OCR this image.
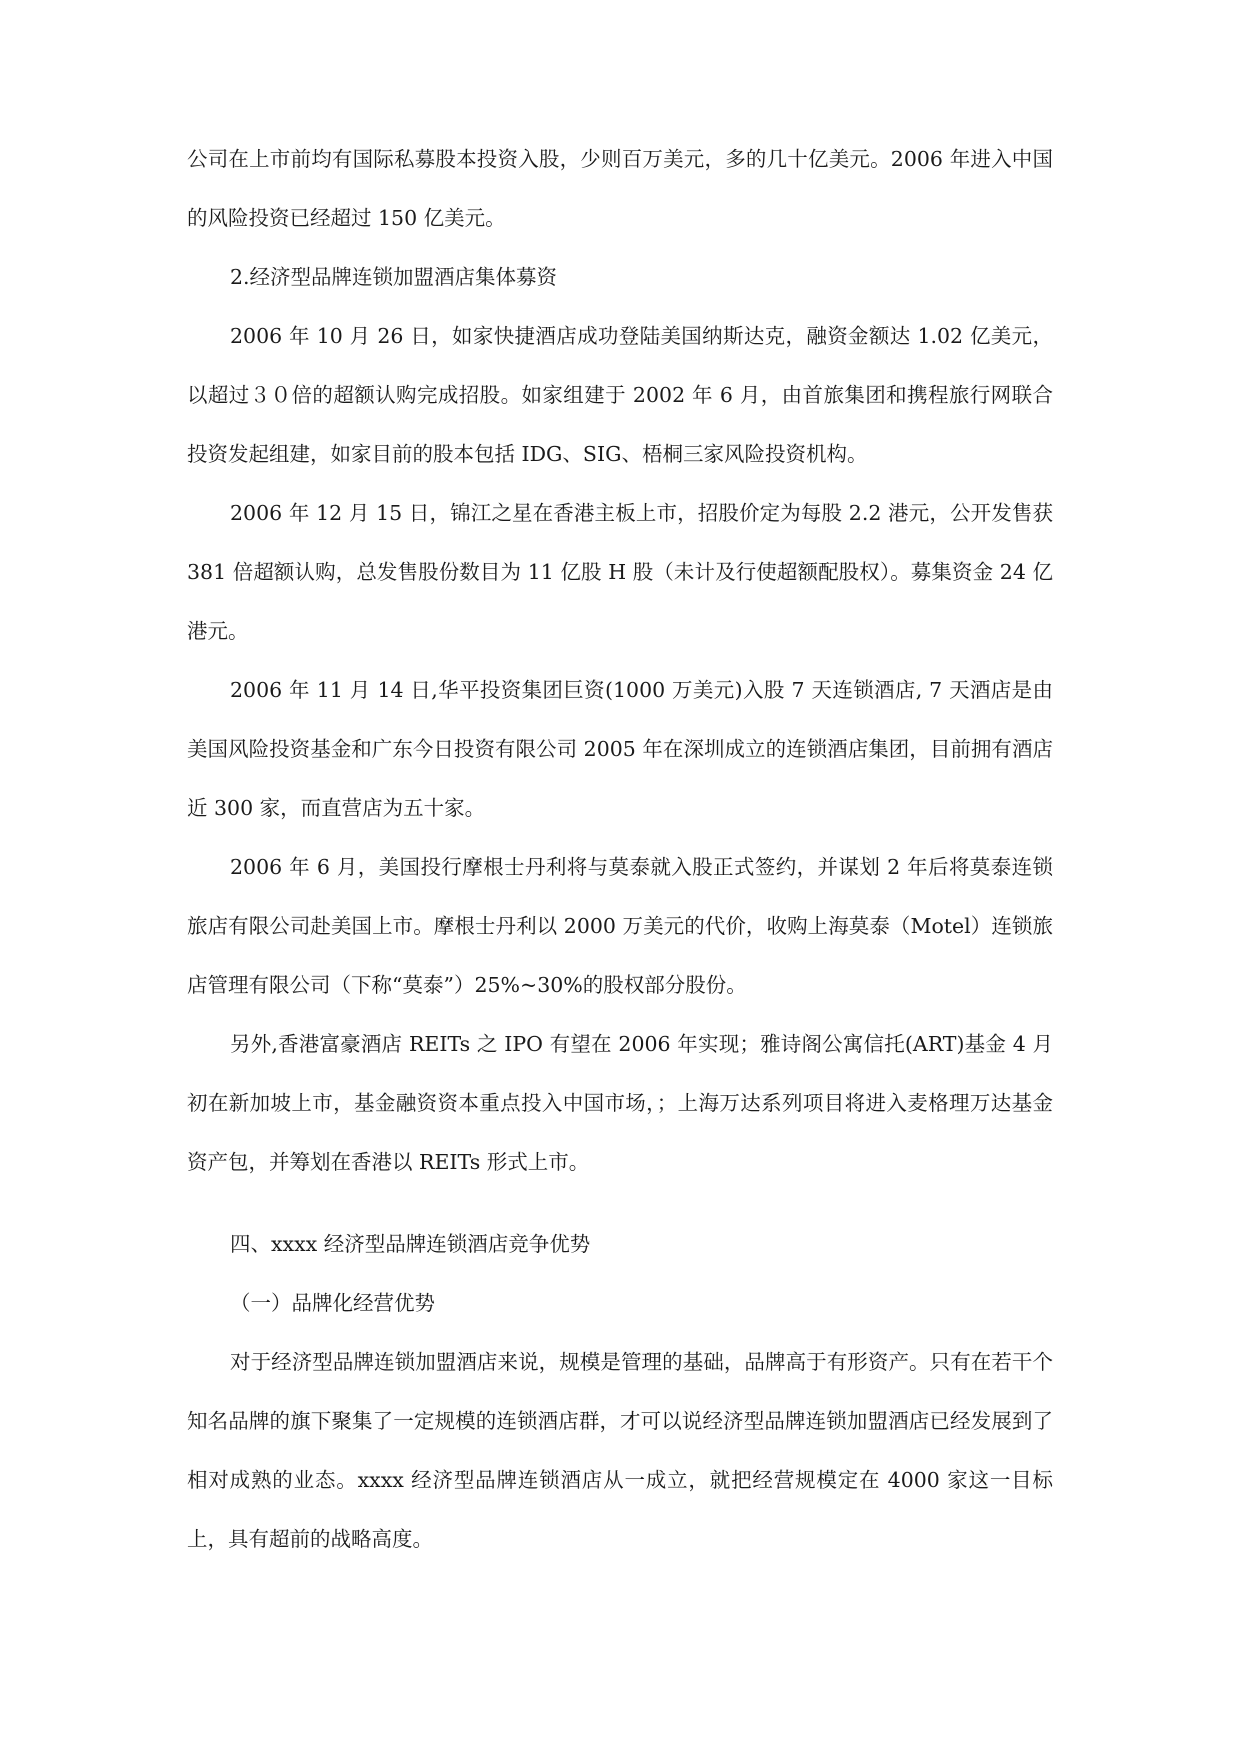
公司在上市前均有国际私募股本投资入股，少则百万美元，多的几十亿美元。2006 年进入中国的风险投资已经超过 150 亿美元。

2.经济型品牌连锁加盟酒店集体募资

2006 年 10 月 26 日，如家快捷酒店成功登陆美国纳斯达克，融资金额达 1.02 亿美元，以超过３０倍的超额认购完成招股。如家组建于 2002 年 6 月，由首旅集团和携程旅行网联合投资发起组建，如家目前的股本包括 IDG、SIG、梧桐三家风险投资机构。

2006 年 12 月 15 日，锦江之星在香港主板上市，招股价定为每股 2.2 港元，公开发售获 381 倍超额认购，总发售股份数目为 11 亿股 H 股（未计及行使超额配股权）。募集资金 24 亿港元。

2006 年 11 月 14 日,华平投资集团巨资(1000 万美元)入股 7 天连锁酒店, 7 天酒店是由美国风险投资基金和广东今日投资有限公司 2005 年在深圳成立的连锁酒店集团，目前拥有酒店近 300 家，而直营店为五十家。

2006 年 6 月，美国投行摩根士丹利将与莫泰就入股正式签约，并谋划 2 年后将莫泰连锁旅店有限公司赴美国上市。摩根士丹利以 2000 万美元的代价，收购上海莫泰（Motel）连锁旅店管理有限公司（下称“莫泰”）25%~30%的股权部分股份。

另外,香港富豪酒店 REITs 之 IPO 有望在 2006 年实现；雅诗阁公寓信托(ART)基金 4 月初在新加坡上市，基金融资资本重点投入中国市场，；上海万达系列项目将进入麦格理万达基金资产包，并筹划在香港以 REITs 形式上市。

四、xxxx 经济型品牌连锁酒店竞争优势

（一）品牌化经营优势

对于经济型品牌连锁加盟酒店来说，规模是管理的基础，品牌高于有形资产。只有在若干个知名品牌的旗下聚集了一定规模的连锁酒店群，才可以说经济型品牌连锁加盟酒店已经发展到了相对成熟的业态。xxxx 经济型品牌连锁酒店从一成立，就把经营规模定在 4000 家这一目标上，具有超前的战略高度。
